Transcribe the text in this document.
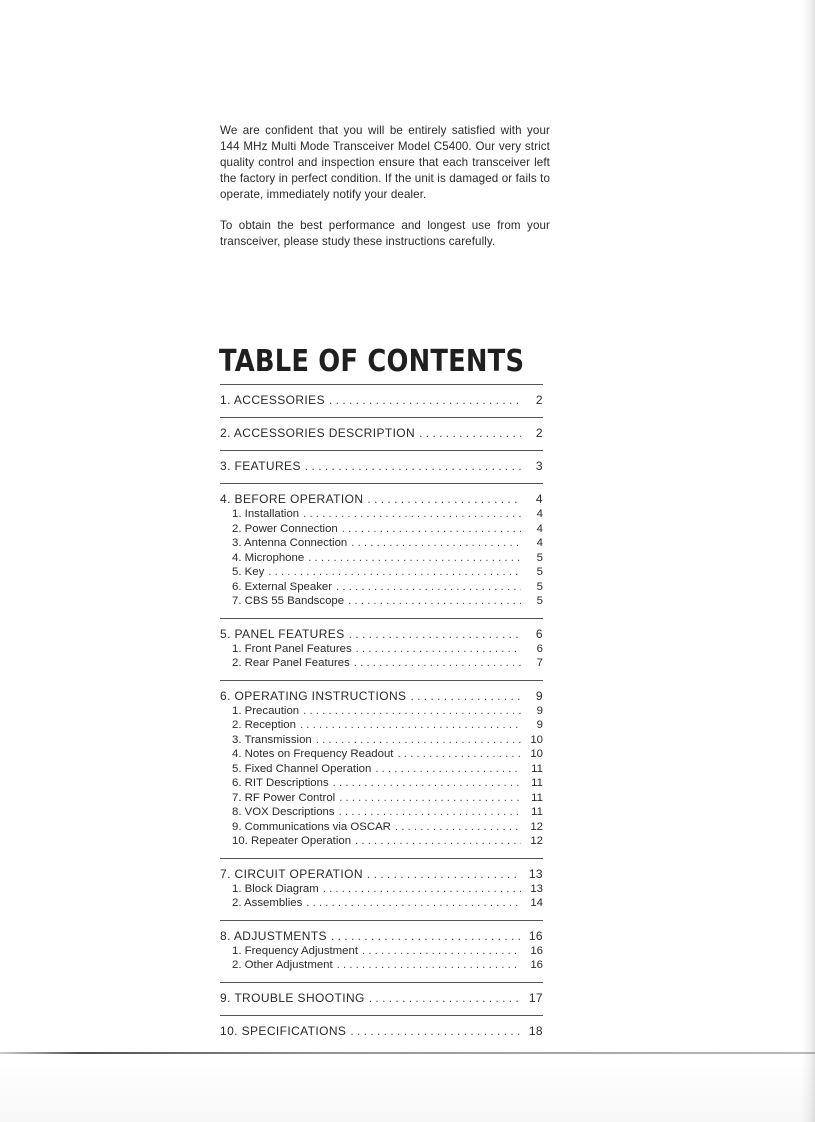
We are confident that you will be entirely satisfied with your 144 MHz Multi Mode Transceiver Model C5400. Our very strict quality control and inspection ensure that each transceiver left the factory in perfect condition. If the unit is damaged or fails to operate, immediately notify your dealer.

To obtain the best performance and longest use from your transceiver, please study these instructions carefully.

TABLE OF CONTENTS
1. ACCESSORIES . . .	2
2. ACCESSORIES DESCRIPTION . . .	2
3. FEATURES . . .	3
4. BEFORE OPERATION . . .	4
1. Installation . . .	4
2. Power Connection . . .	4
3. Antenna Connection . . .	4
4. Microphone . . .	5
5. Key . . .	5
6. External Speaker . . .	5
7. CBS 55 Bandscope . . .	5
5. PANEL FEATURES . . .	6
1. Front Panel Features . . .	6
2. Rear Panel Features . . .	7
6. OPERATING INSTRUCTIONS . . .	9
1. Precaution . . .	9
2. Reception . . .	9
3. Transmission . . .	10
4. Notes on Frequency Readout . . .	10
5. Fixed Channel Operation . . .	11
6. RIT Descriptions . . .	11
7. RF Power Control . . .	11
8. VOX Descriptions . . .	11
9. Communications via OSCAR . . .	12
10. Repeater Operation . . .	12
7. CIRCUIT OPERATION . . .	13
1. Block Diagram . . .	13
2. Assemblies . . .	14
8. ADJUSTMENTS . . .	16
1. Frequency Adjustment . . .	16
2. Other Adjustment . . .	16
9. TROUBLE SHOOTING . . .	17
10. SPECIFICATIONS . . .	18
